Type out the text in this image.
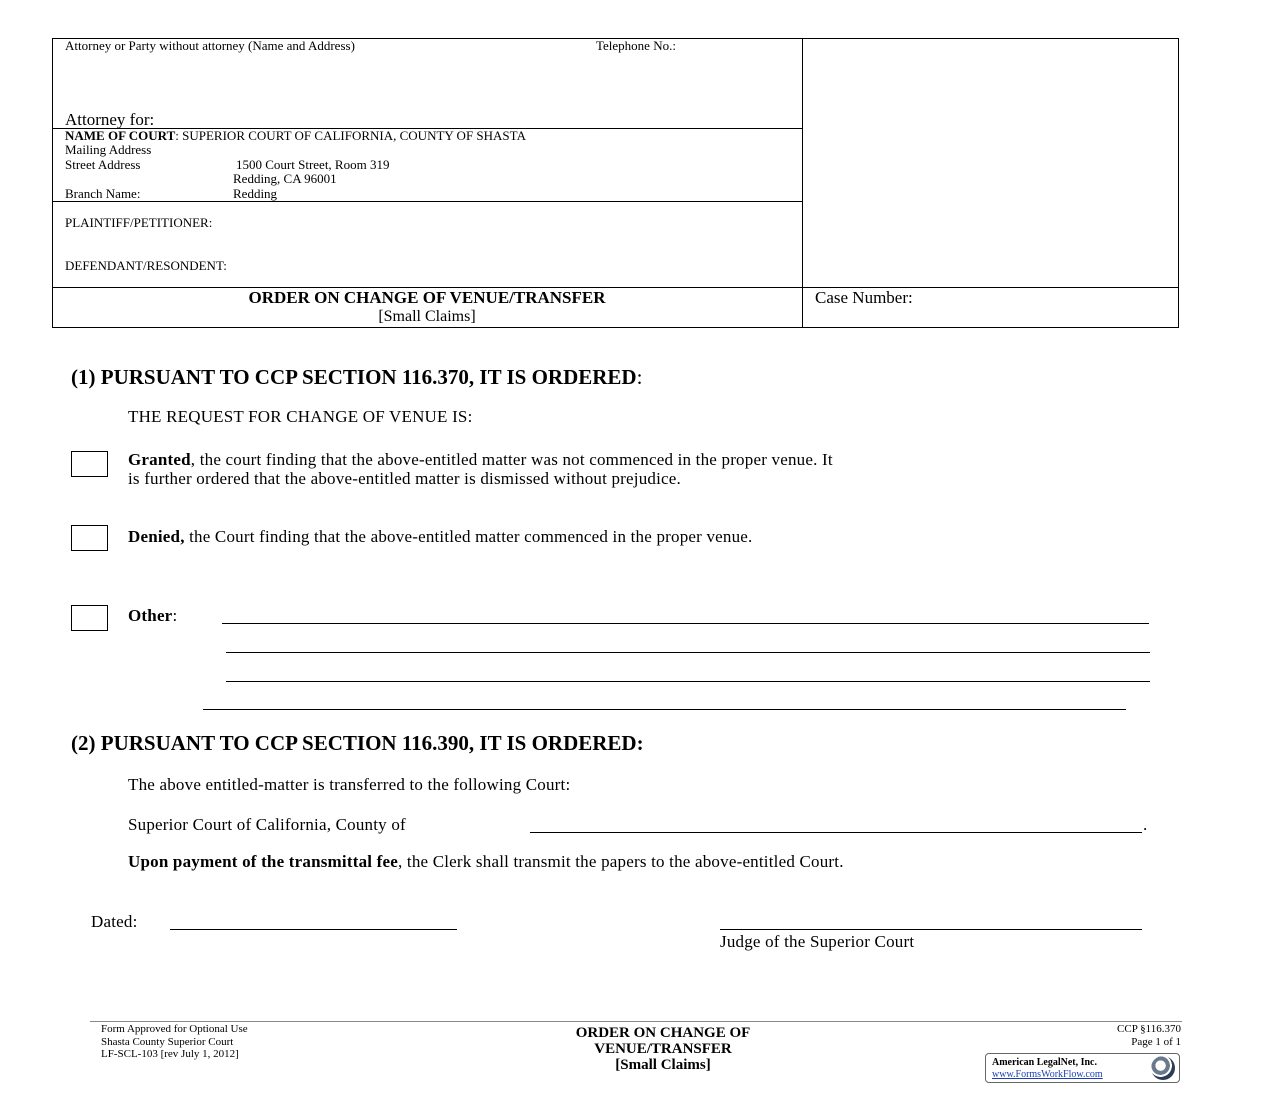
Attorney or Party without attorney (Name and Address)	Telephone No.:
Attorney for:
NAME OF COURT: SUPERIOR COURT OF CALIFORNIA, COUNTY OF SHASTA
Mailing Address
Street Address	1500 Court Street, Room 319
Redding, CA 96001
Branch Name:	Redding
PLAINTIFF/PETITIONER:
DEFENDANT/RESONDENT:
ORDER ON CHANGE OF VENUE/TRANSFER
[Small Claims]
Case Number:
(1) PURSUANT TO CCP SECTION 116.370, IT IS ORDERED:
THE REQUEST FOR CHANGE OF VENUE IS:
Granted, the court finding that the above-entitled matter was not commenced in the proper venue. It
is further ordered that the above-entitled matter is dismissed without prejudice.
Denied, the Court finding that the above-entitled matter commenced in the proper venue.
Other:
(2) PURSUANT TO CCP SECTION 116.390, IT IS ORDERED:
The above entitled-matter is transferred to the following Court:
Superior Court of California, County of	.
Upon payment of the transmittal fee, the Clerk shall transmit the papers to the above-entitled Court.
Dated:
Judge of the Superior Court
Form Approved for Optional Use
Shasta County Superior Court
LF-SCL-103 [rev July 1, 2012]
ORDER ON CHANGE OF
VENUE/TRANSFER
[Small Claims]
CCP §116.370
Page 1 of 1
American LegalNet, Inc.
www.FormsWorkFlow.com
